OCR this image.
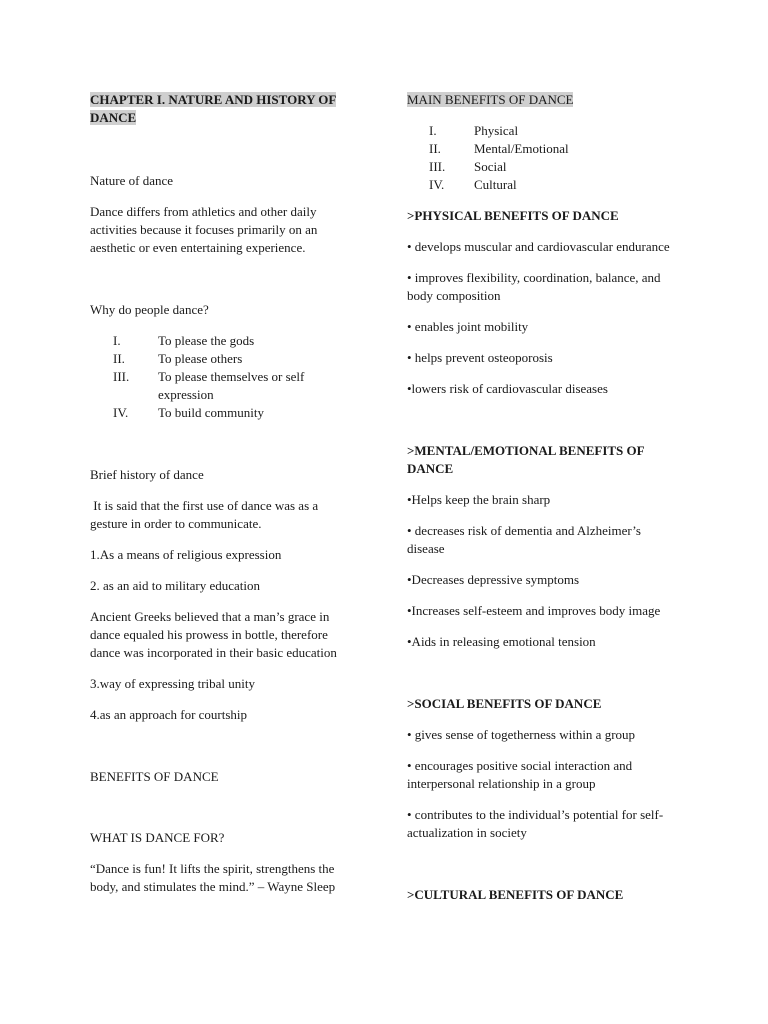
CHAPTER I. NATURE AND HISTORY OF DANCE

Nature of dance

Dance differs from athletics and other daily activities because it focuses primarily on an aesthetic or even entertaining experience.

Why do people dance?

I.	To please the gods
II.	To please others
III.	To please themselves or self expression
IV.	To build community

Brief history of dance

It is said that the first use of dance was as a gesture in order to communicate.

1.As a means of religious expression

2. as an aid to military education

Ancient Greeks believed that a man’s grace in dance equaled his prowess in bottle, therefore dance was incorporated in their basic education

3.way of expressing tribal unity

4.as an approach for courtship

BENEFITS OF DANCE

WHAT IS DANCE FOR?

“Dance is fun! It lifts the spirit, strengthens the body, and stimulates the mind.” – Wayne Sleep

MAIN BENEFITS OF DANCE

I.	Physical
II.	Mental/Emotional
III.	Social
IV.	Cultural

>PHYSICAL BENEFITS OF DANCE

• develops muscular and cardiovascular endurance

• improves flexibility, coordination, balance, and body composition

• enables joint mobility

• helps prevent osteoporosis

•lowers risk of cardiovascular diseases

>MENTAL/EMOTIONAL BENEFITS OF DANCE

•Helps keep the brain sharp

• decreases risk of dementia and Alzheimer’s disease

•Decreases depressive symptoms

•Increases self-esteem and improves body image

•Aids in releasing emotional tension

>SOCIAL BENEFITS OF DANCE

• gives sense of togetherness within a group

• encourages positive social interaction and interpersonal relationship in a group

• contributes to the individual’s potential for self-actualization in society

>CULTURAL BENEFITS OF DANCE
